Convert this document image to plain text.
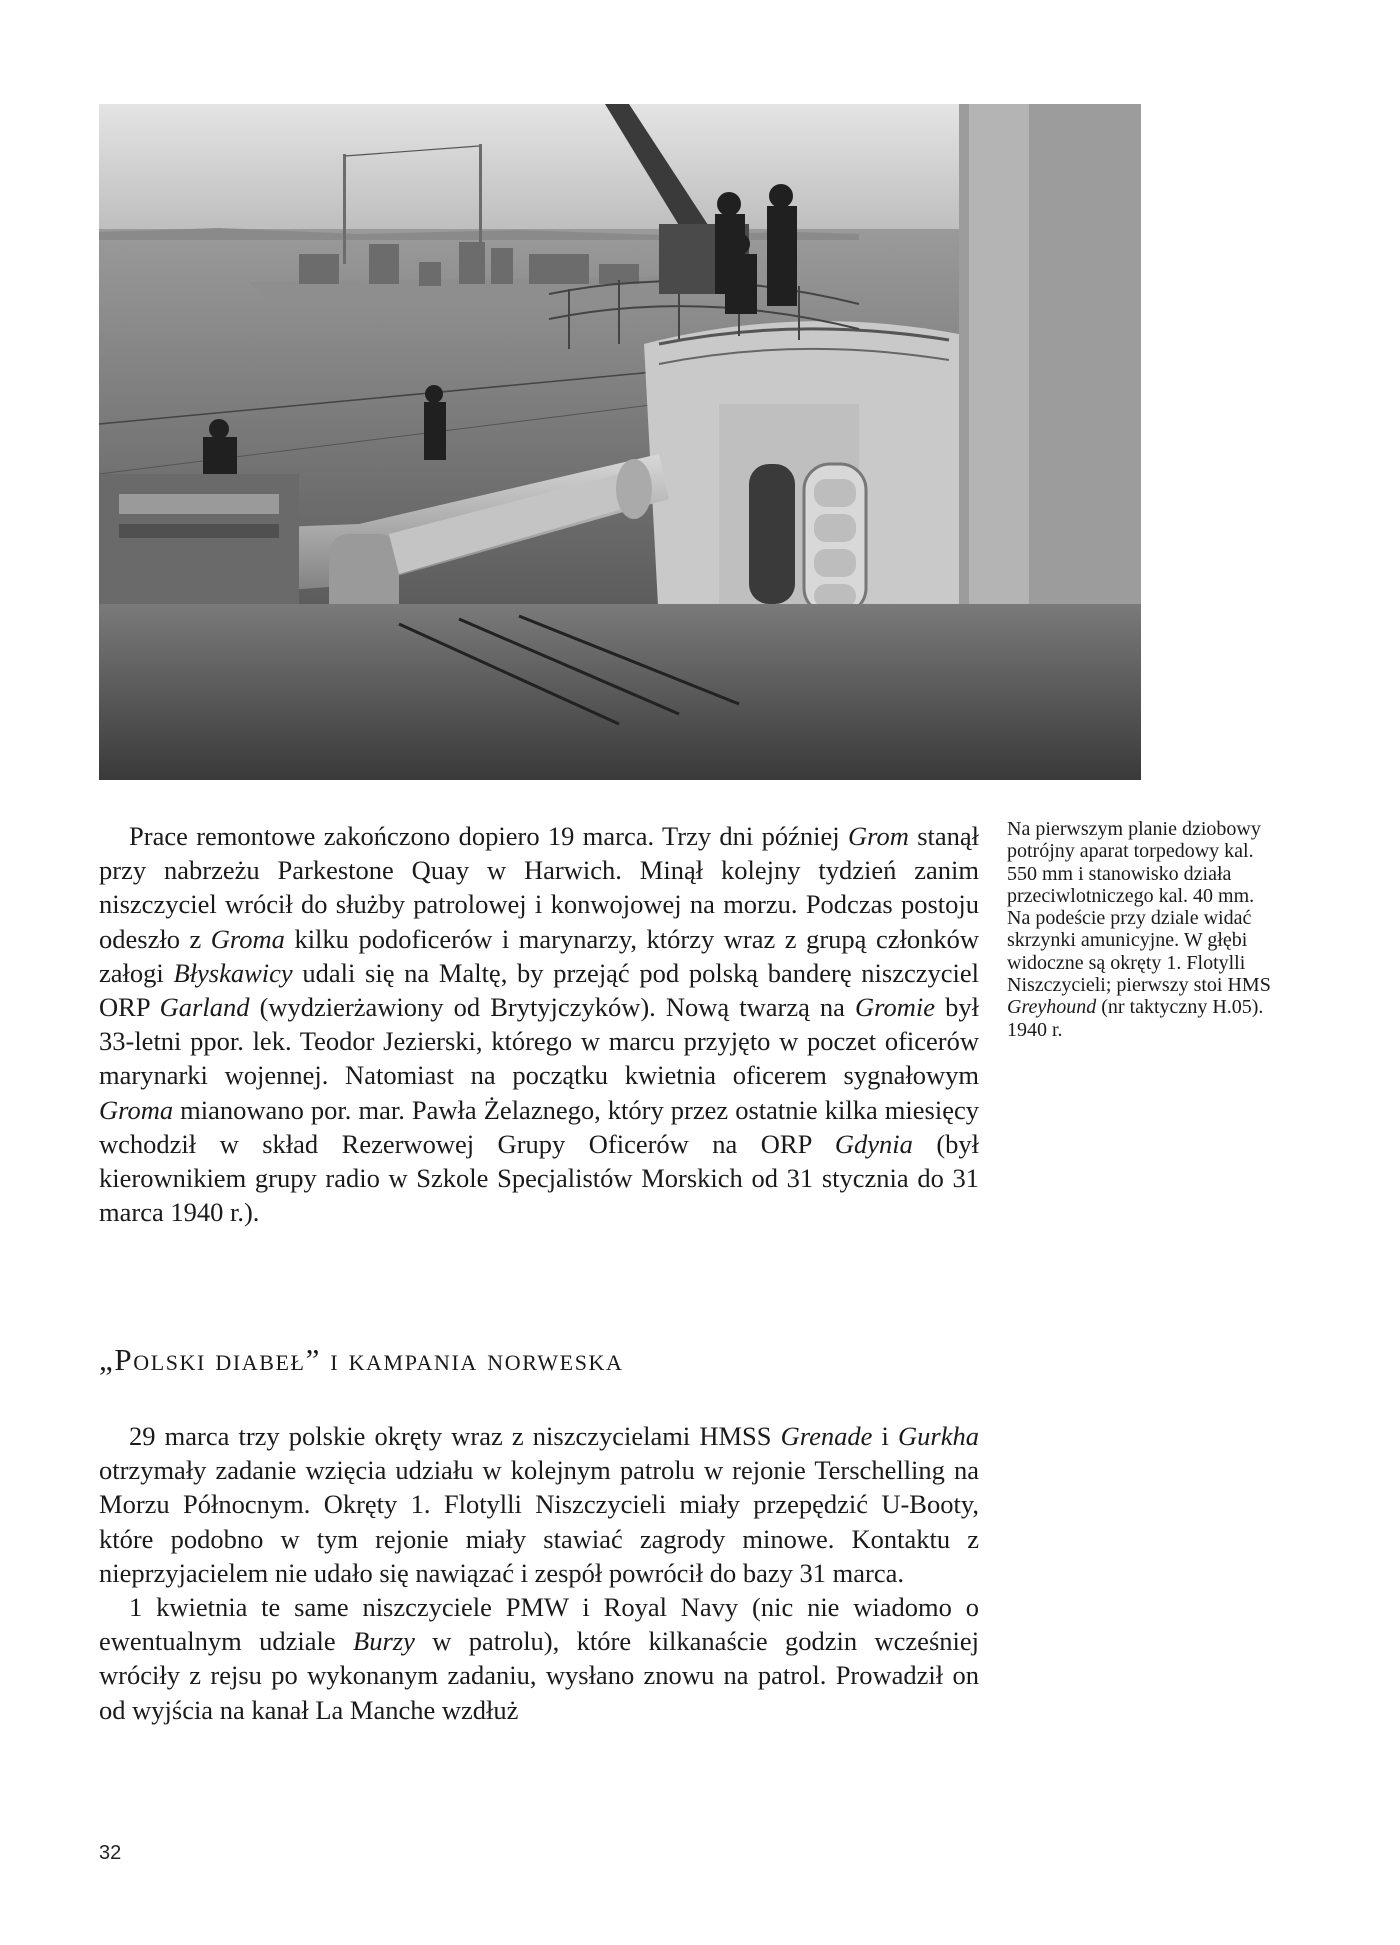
Prace remontowe zakończono dopiero 19 marca. Trzy dni później Grom stanął przy nabrzeżu Parkestone Quay w Harwich. Minął kolejny tydzień zanim niszczyciel wrócił do służby patrolowej i konwojowej na morzu. Podczas postoju odeszło z Groma kilku podoficerów i marynarzy, którzy wraz z grupą członków załogi Błyskawicy udali się na Maltę, by przejąć pod polską banderę niszczyciel ORP Garland (wydzierżawiony od Brytyjczyków). Nową twarzą na Gromie był 33-letni ppor. lek. Teodor Jezierski, którego w marcu przyjęto w poczet oficerów marynarki wojennej. Natomiast na początku kwietnia oficerem sygnałowym Groma mianowano por. mar. Pawła Żelaznego, który przez ostatnie kilka miesięcy wchodził w skład Rezerwowej Grupy Oficerów na ORP Gdynia (był kierownikiem grupy radio w Szkole Specjalistów Morskich od 31 stycznia do 31 marca 1940 r.).

Na pierwszym planie dziobowy potrójny aparat torpedowy kal. 550 mm i stanowisko działa przeciwlotniczego kal. 40 mm. Na podeście przy dziale widać skrzynki amunicyjne. W głębi widoczne są okręty 1. Flotylli Niszczycieli; pierwszy stoi HMS Greyhound (nr taktyczny H.05). 1940 r.
„Polski diabeł” i kampania norweska

29 marca trzy polskie okręty wraz z niszczycielami HMSS Grenade i Gurkha otrzymały zadanie wzięcia udziału w kolejnym patrolu w rejonie Terschelling na Morzu Północnym. Okręty 1. Flotylli Niszczycieli miały przepędzić U-Booty, które podobno w tym rejonie miały stawiać zagrody minowe. Kontaktu z nieprzyjacielem nie udało się nawiązać i zespół powrócił do bazy 31 marca.

1 kwietnia te same niszczyciele PMW i Royal Navy (nic nie wiadomo o ewentualnym udziale Burzy w patrolu), które kilkanaście godzin wcześniej wróciły z rejsu po wykonanym zadaniu, wysłano znowu na patrol. Prowadził on od wyjścia na kanał La Manche wzdłuż

32
